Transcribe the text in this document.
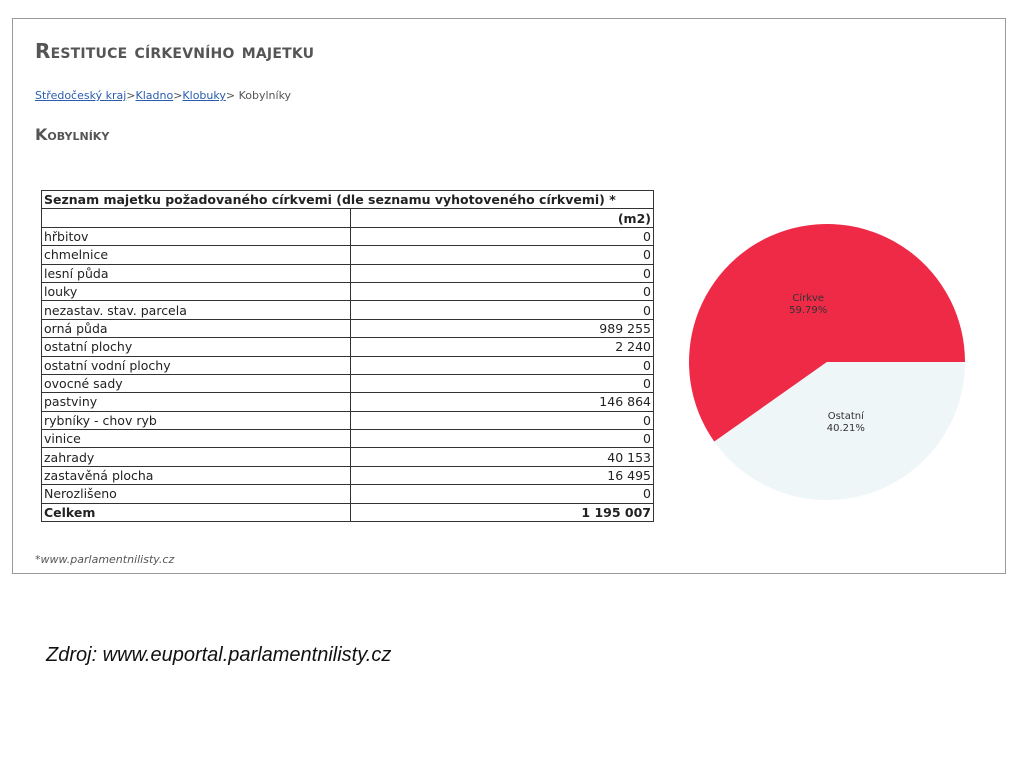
Restituce církevního majetku
Středočeský kraj>Kladno>Klobuky> Kobylníky
Kobylníky
Seznam majetku požadovaného církvemi (dle seznamu vyhotoveného církvemi) *	
	(m2)
hřbitov	0
chmelnice	0
lesní půda	0
louky	0
nezastav. stav. parcela	0
orná půda	989 255
ostatní plochy	2 240
ostatní vodní plochy	0
ovocné sady	0
pastviny	146 864
rybníky - chov ryb	0
vinice	0
zahrady	40 153
zastavěná plocha	16 495
Nerozlišeno	0
Celkem	1 195 007
Církve
59.79%
Ostatní
40.21%
*www.parlamentnilisty.cz
Zdroj: www.euportal.parlamentnilisty.cz
